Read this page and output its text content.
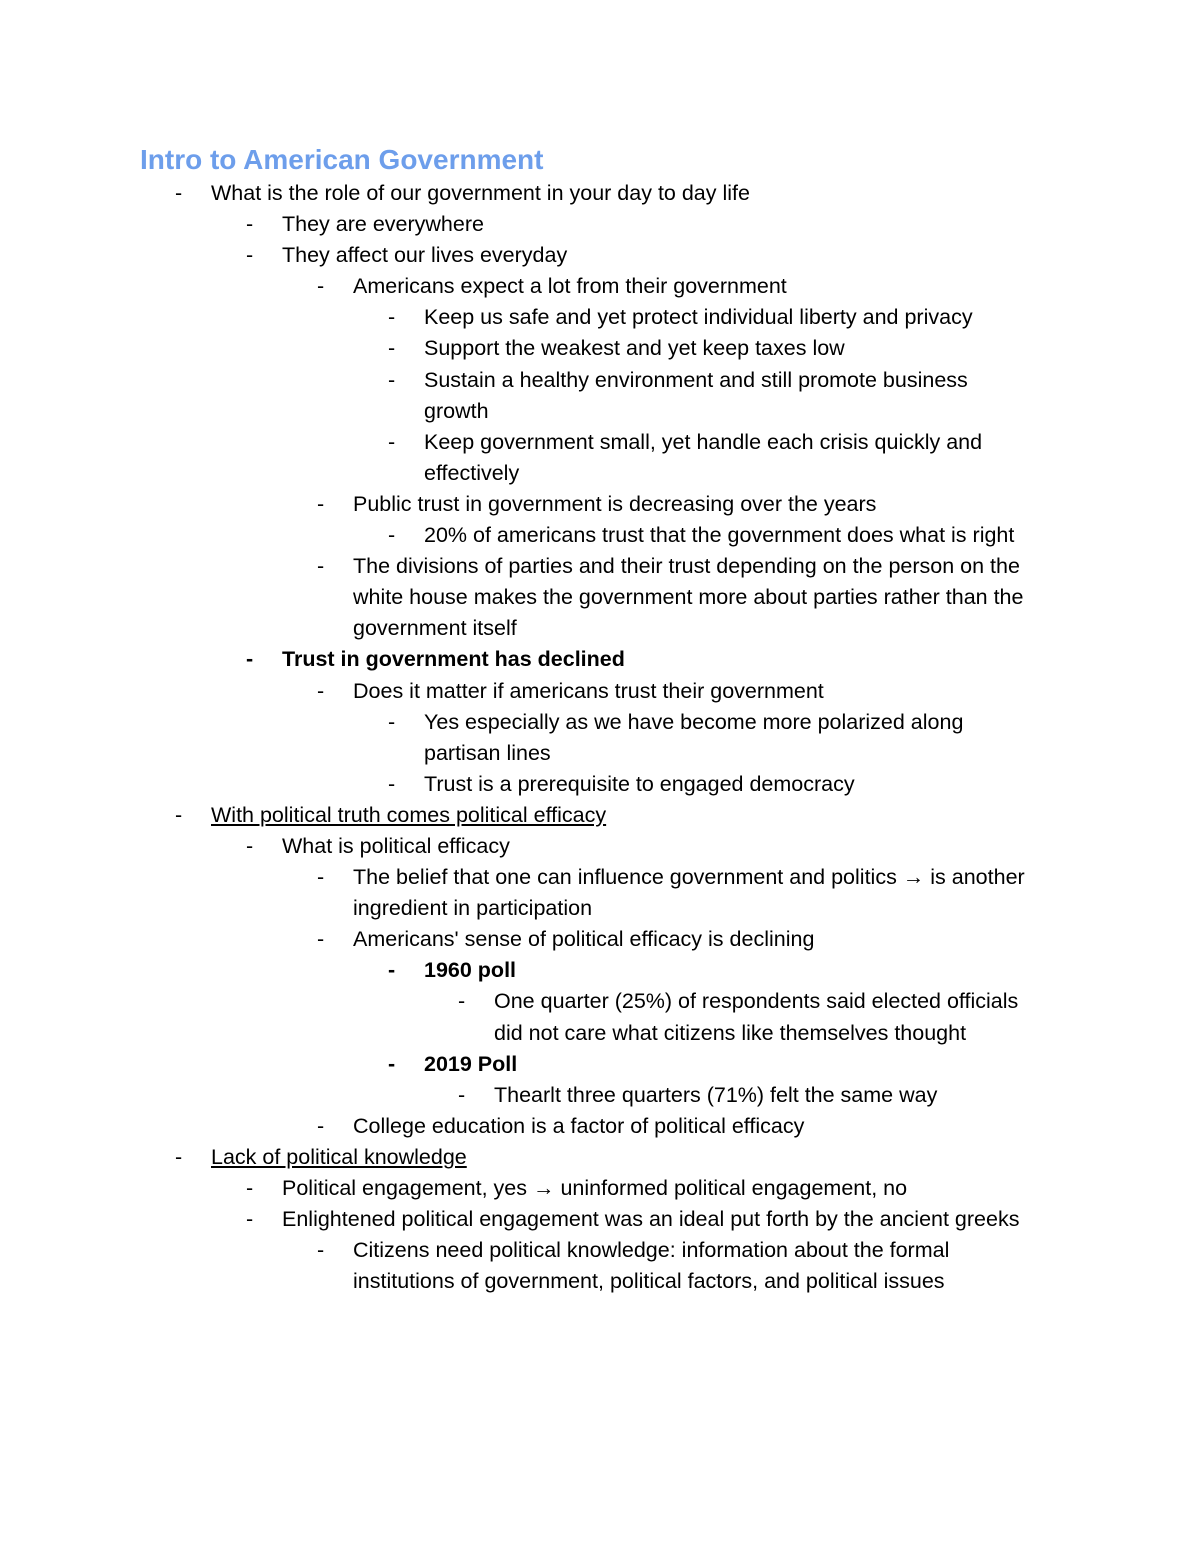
Intro to American Government
- What is the role of our government in your day to day life
- They are everywhere
- They affect our lives everyday
- Americans expect a lot from their government
- Keep us safe and yet protect individual liberty and privacy
- Support the weakest and yet keep taxes low
- Sustain a healthy environment and still promote business growth
- Keep government small, yet handle each crisis quickly and effectively
- Public trust in government is decreasing over the years
- 20% of americans trust that the government does what is right
- The divisions of parties and their trust depending on the person on the white house makes the government more about parties rather than the government itself
- Trust in government has declined
- Does it matter if americans trust their government
- Yes especially as we have become more polarized along partisan lines
- Trust is a prerequisite to engaged democracy
- With political truth comes political efficacy
- What is political efficacy
- The belief that one can influence government and politics → is another ingredient in participation
- Americans' sense of political efficacy is declining
- 1960 poll
- One quarter (25%) of respondents said elected officials did not care what citizens like themselves thought
- 2019 Poll
- Thearlt three quarters (71%) felt the same way
- College education is a factor of political efficacy
- Lack of political knowledge
- Political engagement, yes → uninformed political engagement, no
- Enlightened political engagement was an ideal put forth by the ancient greeks
- Citizens need political knowledge: information about the formal institutions of government, political factors, and political issues
